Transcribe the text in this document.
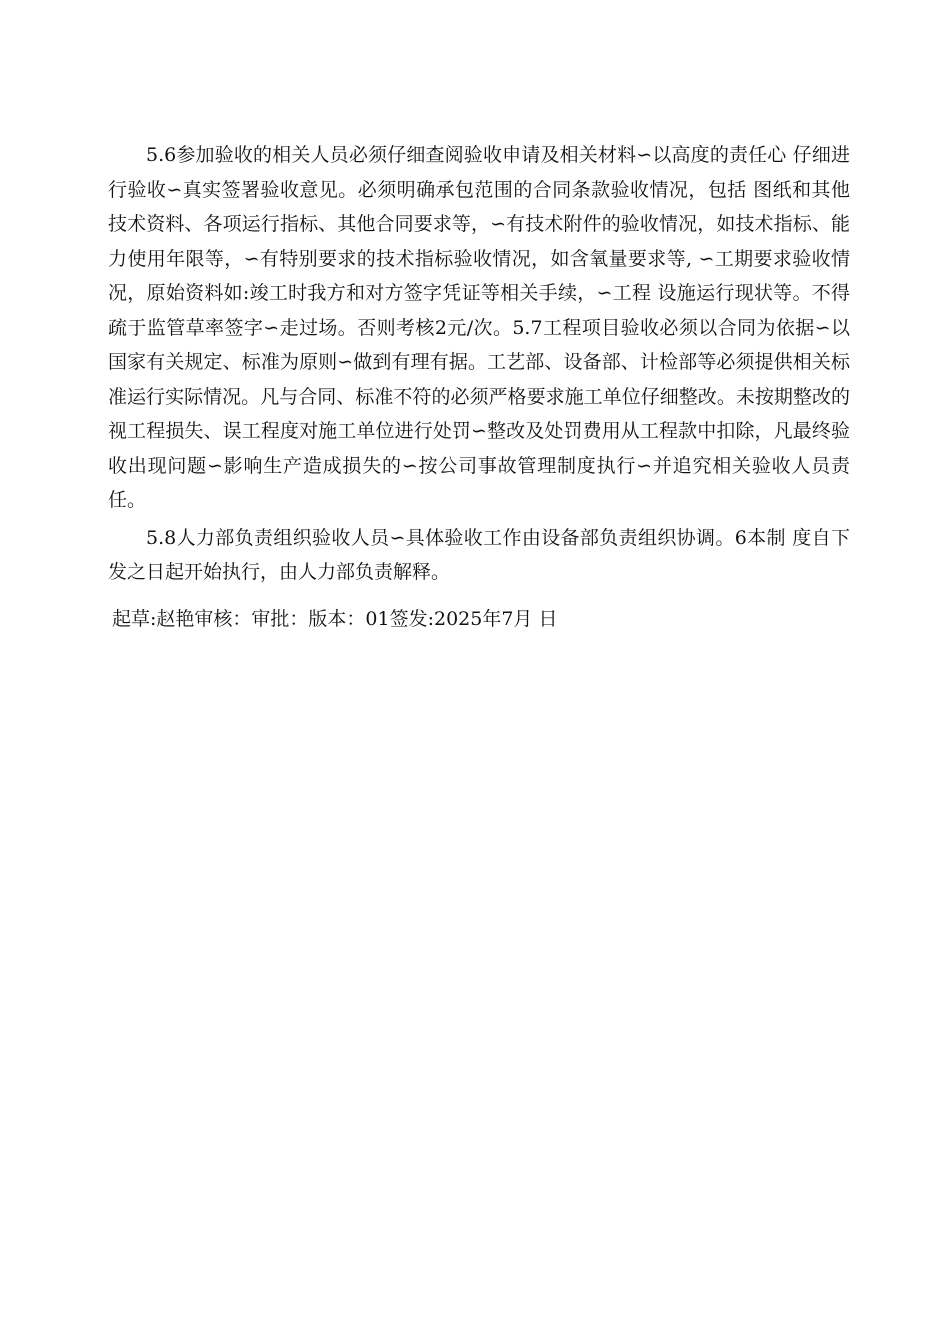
5.6参加验收的相关人员必须仔细查阅验收申请及相关材料∽以高度的责任心 仔细进行验收∽真实签署验收意见。必须明确承包范围的合同条款验收情况，包括 图纸和其他技术资料、各项运行指标、其他合同要求等，∽有技术附件的验收情况，如技术指标、能力使用年限等，∽有特别要求的技术指标验收情况，如含氧量要求等, ∽工期要求验收情况，原始资料如:竣工时我方和对方签字凭证等相关手续，∽工程 设施运行现状等。不得疏于监管草率签字∽走过场。否则考核2元/次。5.7工程项目验收必须以合同为依据∽以国家有关规定、标准为原则∽做到有理有据。工艺部、设备部、计检部等必须提供相关标准运行实际情况。凡与合同、标准不符的必须严格要求施工单位仔细整改。未按期整改的视工程损失、误工程度对施工单位进行处罚∽整改及处罚费用从工程款中扣除，凡最终验收出现问题∽影响生产造成损失的∽按公司事故管理制度执行∽并追究相关验收人员责任。

5.8人力部负责组织验收人员∽具体验收工作由设备部负责组织协调。6本制 度自下发之日起开始执行，由人力部负责解释。

起草:赵艳审核：审批：版本：01签发:2025年7月 日
